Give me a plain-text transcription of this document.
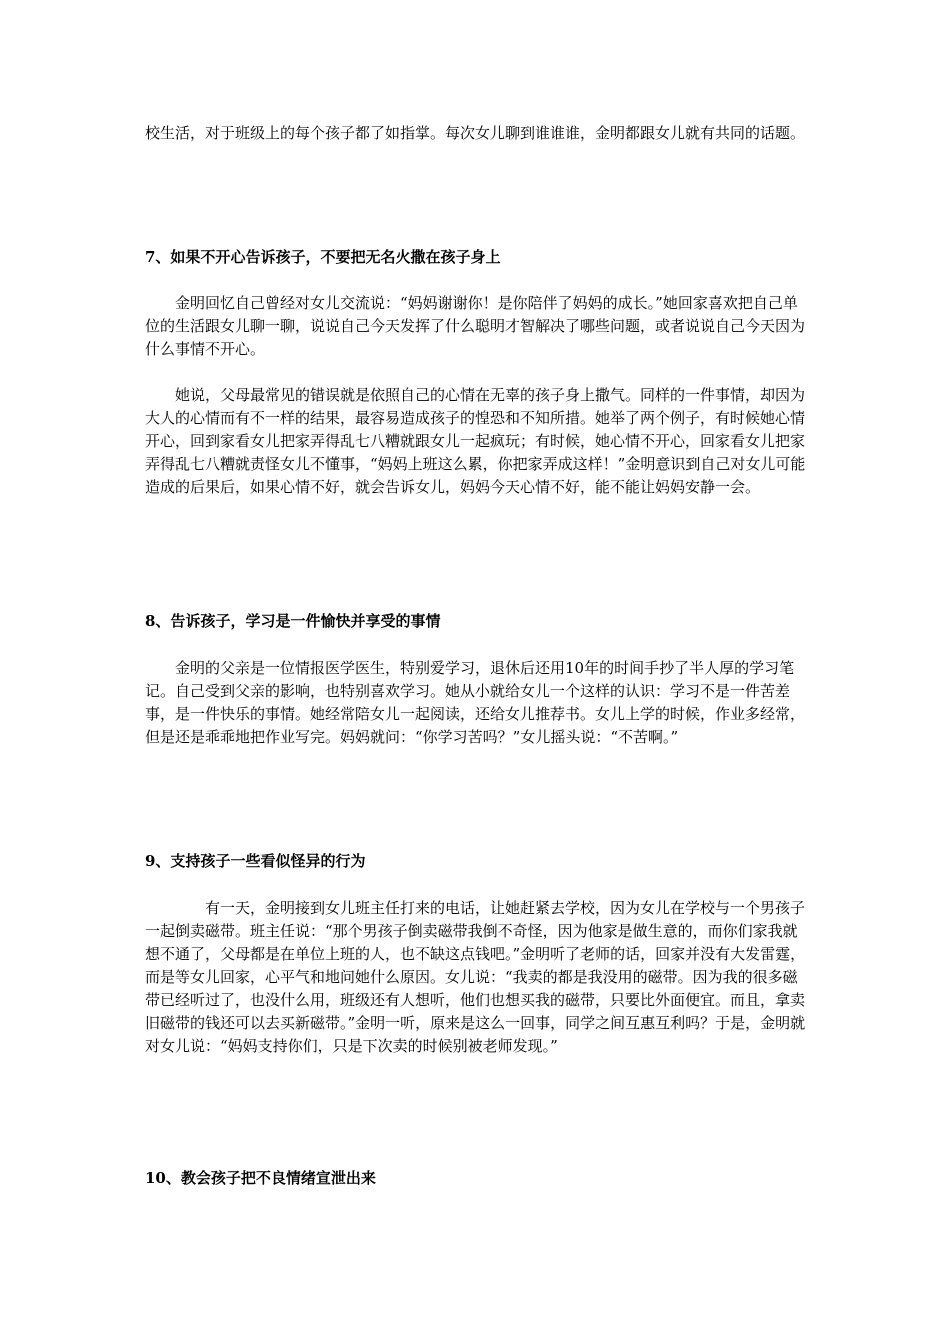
校生活，对于班级上的每个孩子都了如指掌。每次女儿聊到谁谁谁，金明都跟女儿就有共同的话题。

7、如果不开心告诉孩子，不要把无名火撒在孩子身上

金明回忆自己曾经对女儿交流说：“妈妈谢谢你！是你陪伴了妈妈的成长。”她回家喜欢把自己单位的生活跟女儿聊一聊，说说自己今天发挥了什么聪明才智解决了哪些问题，或者说说自己今天因为什么事情不开心。

她说，父母最常见的错误就是依照自己的心情在无辜的孩子身上撒气。同样的一件事情，却因为大人的心情而有不一样的结果，最容易造成孩子的惶恐和不知所措。她举了两个例子，有时候她心情开心，回到家看女儿把家弄得乱七八糟就跟女儿一起疯玩；有时候，她心情不开心，回家看女儿把家弄得乱七八糟就责怪女儿不懂事，“妈妈上班这么累，你把家弄成这样！”金明意识到自己对女儿可能造成的后果后，如果心情不好，就会告诉女儿，妈妈今天心情不好，能不能让妈妈安静一会。

8、告诉孩子，学习是一件愉快并享受的事情

金明的父亲是一位情报医学医生，特别爱学习，退休后还用10年的时间手抄了半人厚的学习笔记。自己受到父亲的影响，也特别喜欢学习。她从小就给女儿一个这样的认识：学习不是一件苦差事，是一件快乐的事情。她经常陪女儿一起阅读，还给女儿推荐书。女儿上学的时候，作业多经常，但是还是乖乖地把作业写完。妈妈就问：“你学习苦吗？”女儿摇头说：“不苦啊。”

9、支持孩子一些看似怪异的行为

有一天，金明接到女儿班主任打来的电话，让她赶紧去学校，因为女儿在学校与一个男孩子一起倒卖磁带。班主任说：“那个男孩子倒卖磁带我倒不奇怪，因为他家是做生意的，而你们家我就想不通了，父母都是在单位上班的人，也不缺这点钱吧。”金明听了老师的话，回家并没有大发雷霆，而是等女儿回家，心平气和地问她什么原因。女儿说：“我卖的都是我没用的磁带。因为我的很多磁带已经听过了，也没什么用，班级还有人想听，他们也想买我的磁带，只要比外面便宜。而且，拿卖旧磁带的钱还可以去买新磁带。”金明一听，原来是这么一回事，同学之间互惠互利吗？于是，金明就对女儿说：“妈妈支持你们，只是下次卖的时候别被老师发现。”

10、教会孩子把不良情绪宣泄出来
